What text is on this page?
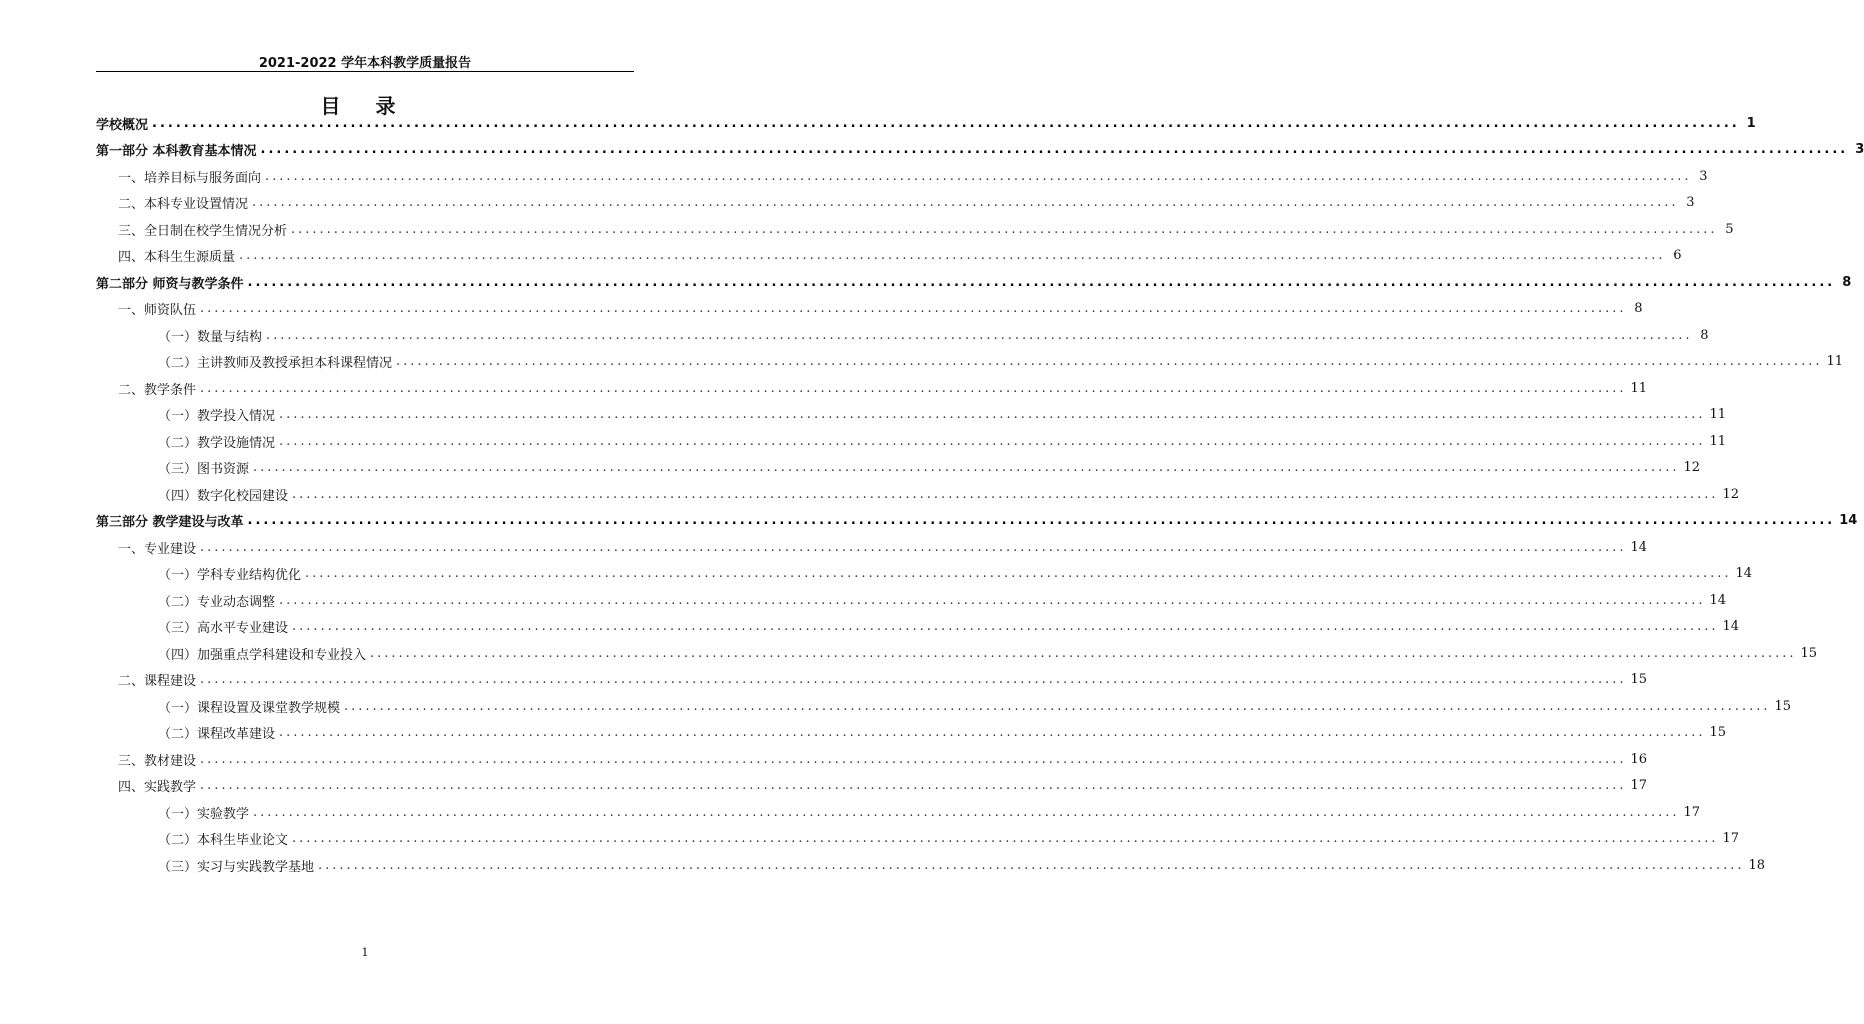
2021-2022 学年本科教学质量报告
目 录
学校概况 ........................................................................................................................................................................................................ 1
第一部分 本科教育基本情况 ........................................................................................................................................................................................................ 3
一、培养目标与服务面向 ........................................................................................................................................................................................................ 3
二、本科专业设置情况 ........................................................................................................................................................................................................ 3
三、全日制在校学生情况分析 ........................................................................................................................................................................................................ 5
四、本科生生源质量 ........................................................................................................................................................................................................ 6
第二部分 师资与教学条件 ........................................................................................................................................................................................................ 8
一、师资队伍 ........................................................................................................................................................................................................ 8
（一）数量与结构 ........................................................................................................................................................................................................ 8
（二）主讲教师及教授承担本科课程情况 ........................................................................................................................................................................................................ 11
二、教学条件 ........................................................................................................................................................................................................ 11
（一）教学投入情况 ........................................................................................................................................................................................................ 11
（二）教学设施情况 ........................................................................................................................................................................................................ 11
（三）图书资源 ........................................................................................................................................................................................................ 12
（四）数字化校园建设 ........................................................................................................................................................................................................ 12
第三部分 教学建设与改革 ........................................................................................................................................................................................................ 14
一、专业建设 ........................................................................................................................................................................................................ 14
（一）学科专业结构优化 ........................................................................................................................................................................................................ 14
（二）专业动态调整 ........................................................................................................................................................................................................ 14
（三）高水平专业建设 ........................................................................................................................................................................................................ 14
（四）加强重点学科建设和专业投入 ........................................................................................................................................................................................................ 15
二、课程建设 ........................................................................................................................................................................................................ 15
（一）课程设置及课堂教学规模 ........................................................................................................................................................................................................ 15
（二）课程改革建设 ........................................................................................................................................................................................................ 15
三、教材建设 ........................................................................................................................................................................................................ 16
四、实践教学 ........................................................................................................................................................................................................ 17
（一）实验教学 ........................................................................................................................................................................................................ 17
（二）本科生毕业论文 ........................................................................................................................................................................................................ 17
（三）实习与实践教学基地 ........................................................................................................................................................................................................ 18
1
